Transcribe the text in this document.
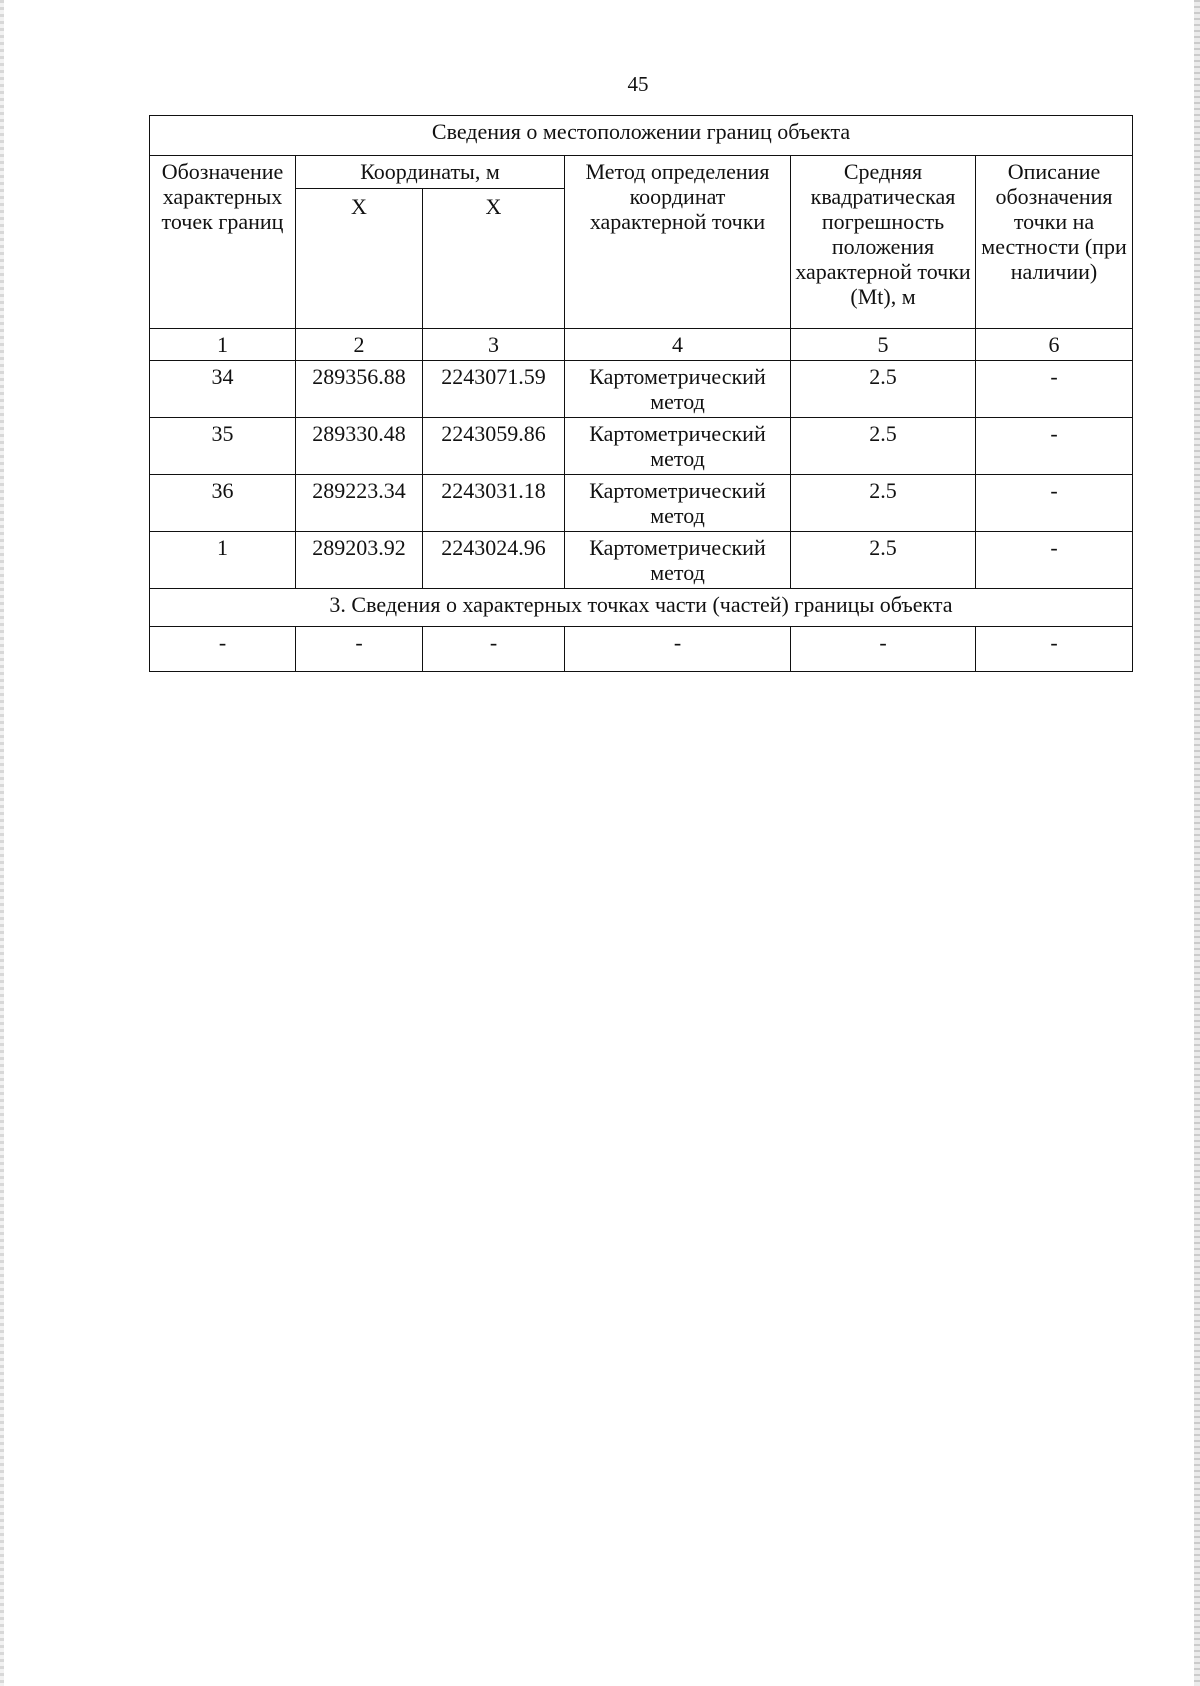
45
Сведения о местоположении границ объекта					
Обозначение характерных точек границ	Координаты, м		Метод определения координат характерной точки	Средняя квадратическая погрешность положения характерной точки (Mt), м	Описание обозначения точки на местности (при наличии)

	X	X			

1	2	3	4	5	6
34	289356.88	2243071.59	Картометрический метод	2.5	-
35	289330.48	2243059.86	Картометрический метод	2.5	-
36	289223.34	2243031.18	Картометрический метод	2.5	-
1	289203.92	2243024.96	Картометрический метод	2.5	-
3. Сведения о характерных точках части (частей) границы объекта					
-	-	-	-	-	-
